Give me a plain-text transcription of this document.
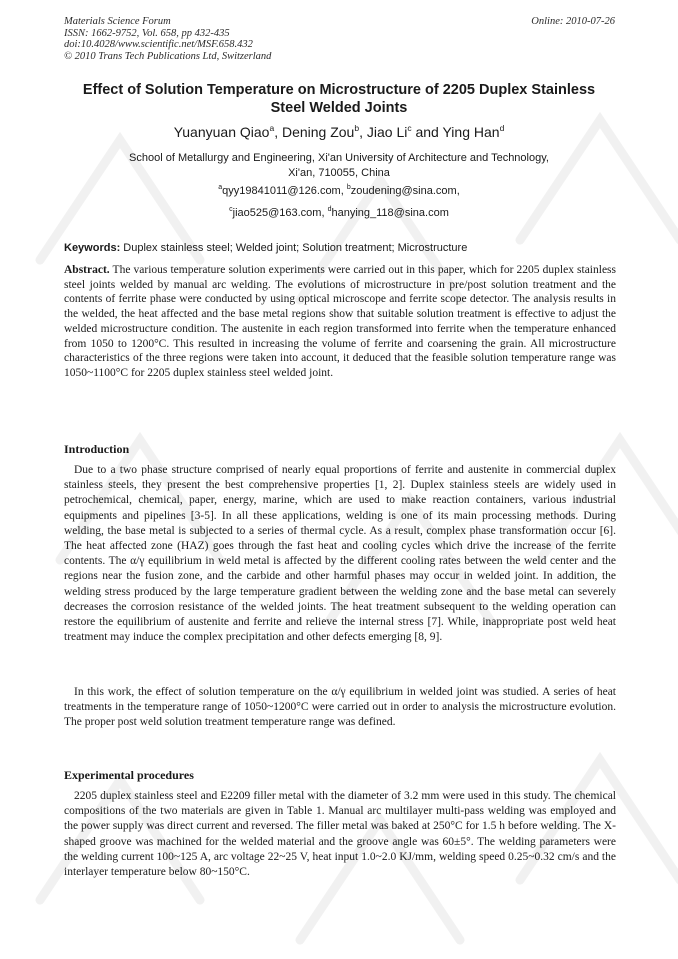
Materials Science Forum
ISSN: 1662-9752, Vol. 658, pp 432-435
doi:10.4028/www.scientific.net/MSF.658.432
© 2010 Trans Tech Publications Ltd, Switzerland
Online: 2010-07-26
Effect of Solution Temperature on Microstructure of 2205 Duplex Stainless Steel Welded Joints
Yuanyuan Qiao$^a$, Dening Zou$^b$, Jiao Li$^c$ and Ying Han$^d$
School of Metallurgy and Engineering, Xi'an University of Architecture and Technology,
Xi'an, 710055, China
$^a$qyy19841011@126.com, $^b$zoudening@sina.com,
$^c$jiao525@163.com, $^d$hanying_118@sina.com
Keywords: Duplex stainless steel; Welded joint; Solution treatment; Microstructure

Abstract. The various temperature solution experiments were carried out in this paper, which for 2205 duplex stainless steel joints welded by manual arc welding. The evolutions of microstructure in pre/post solution treatment and the contents of ferrite phase were conducted by using optical microscope and ferrite scope detector. The analysis results in the welded, the heat affected and the base metal regions show that suitable solution treatment is effective to adjust the welded microstructure condition. The austenite in each region transformed into ferrite when the temperature enhanced from 1050 to 1200°C. This resulted in increasing the volume of ferrite and coarsening the grain. All microstructure characteristics of the three regions were taken into account, it deduced that the feasible solution temperature range was 1050~1100°C for 2205 duplex stainless steel welded joint.

Introduction

Due to a two phase structure comprised of nearly equal proportions of ferrite and austenite in commercial duplex stainless steels, they present the best comprehensive properties [1, 2]. Duplex stainless steels are widely used in petrochemical, chemical, paper, energy, marine, which are used to make reaction containers, various industrial equipments and pipelines [3-5]. In all these applications, welding is one of its main processing methods. During welding, the base metal is subjected to a series of thermal cycle. As a result, complex phase transformation occur [6]. The heat affected zone (HAZ) goes through the fast heat and cooling cycles which drive the increase of the ferrite contents. The α/γ equilibrium in weld metal is affected by the different cooling rates between the weld center and the regions near the fusion zone, and the carbide and other harmful phases may occur in welded joint. In addition, the welding stress produced by the large temperature gradient between the welding zone and the base metal can severely decreases the corrosion resistance of the welded joints. The heat treatment subsequent to the welding operation can restore the equilibrium of austenite and ferrite and relieve the internal stress [7]. While, inappropriate post weld heat treatment may induce the complex precipitation and other defects emerging [8, 9].

In this work, the effect of solution temperature on the α/γ equilibrium in welded joint was studied. A series of heat treatments in the temperature range of 1050~1200°C were carried out in order to analysis the microstructure evolution. The proper post weld solution treatment temperature range was defined.

Experimental procedures

2205 duplex stainless steel and E2209 filler metal with the diameter of 3.2 mm were used in this study. The chemical compositions of the two materials are given in Table 1. Manual arc multilayer multi-pass welding was employed and the power supply was direct current and reversed. The filler metal was baked at 250°C for 1.5 h before welding. The X- shaped groove was machined for the welded material and the groove angle was 60±5°. The welding parameters were the welding current 100~125 A, arc voltage 22~25 V, heat input 1.0~2.0 KJ/mm, welding speed 0.25~0.32 cm/s and the interlayer temperature below 80~150°C.
